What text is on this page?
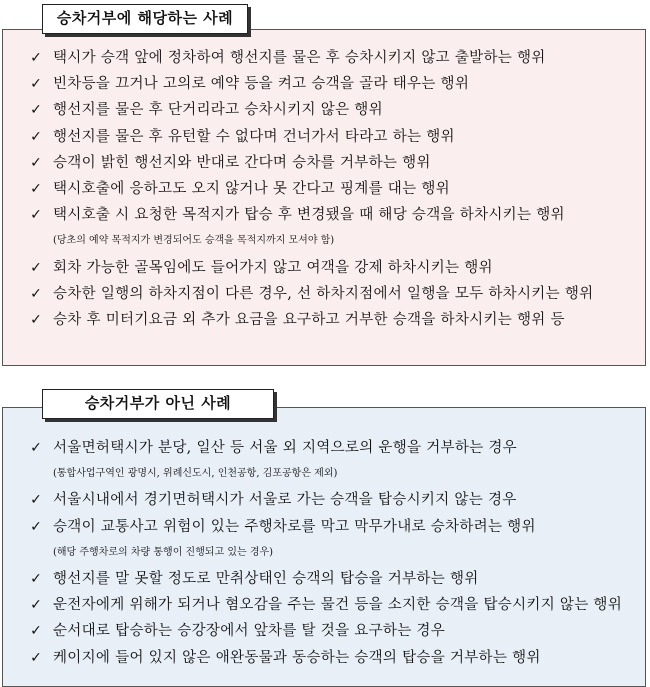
승차거부에 해당하는 사례
✓ 택시가 승객 앞에 정차하여 행선지를 물은 후 승차시키지 않고 출발하는 행위
✓ 빈차등을 끄거나 고의로 예약 등을 켜고 승객을 골라 태우는 행위
✓ 행선지를 물은 후 단거리라고 승차시키지 않은 행위
✓ 행선지를 물은 후 유턴할 수 없다며 건너가서 타라고 하는 행위
✓ 승객이 밝힌 행선지와 반대로 간다며 승차를 거부하는 행위
✓ 택시호출에 응하고도 오지 않거나 못 간다고 핑계를 대는 행위
✓ 택시호출 시 요청한 목적지가 탑승 후 변경됐을 때 해당 승객을 하차시키는 행위
(당초의 예약 목적지가 변경되어도 승객을 목적지까지 모셔야 함)
✓ 회차 가능한 골목임에도 들어가지 않고 여객을 강제 하차시키는 행위
✓ 승차한 일행의 하차지점이 다른 경우, 선 하차지점에서 일행을 모두 하차시키는 행위
✓ 승차 후 미터기요금 외 추가 요금을 요구하고 거부한 승객을 하차시키는 행위 등
승차거부가 아닌 사례
✓ 서울면허택시가 분당, 일산 등 서울 외 지역으로의 운행을 거부하는 경우
(통합사업구역인 광명시, 위례신도시, 인천공항, 김포공항은 제외)
✓ 서울시내에서 경기면허택시가 서울로 가는 승객을 탑승시키지 않는 경우
✓ 승객이 교통사고 위험이 있는 주행차로를 막고 막무가내로 승차하려는 행위
(해당 주행차로의 차량 통행이 진행되고 있는 경우)
✓ 행선지를 말 못할 정도로 만취상태인 승객의 탑승을 거부하는 행위
✓ 운전자에게 위해가 되거나 혐오감을 주는 물건 등을 소지한 승객을 탑승시키지 않는 행위
✓ 순서대로 탑승하는 승강장에서 앞차를 탈 것을 요구하는 경우
✓ 케이지에 들어 있지 않은 애완동물과 동승하는 승객의 탑승을 거부하는 행위
